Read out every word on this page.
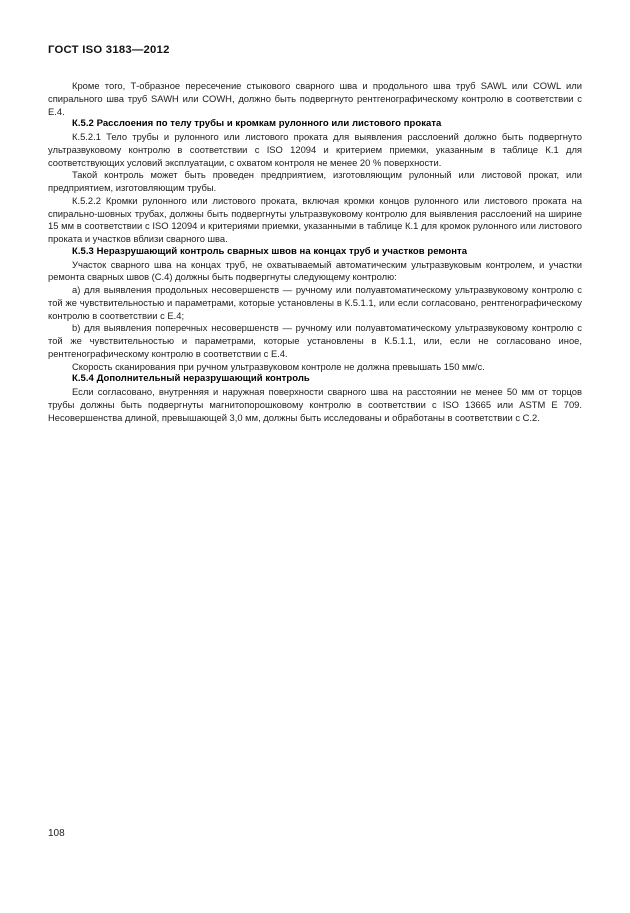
ГОСТ ISO 3183—2012

Кроме того, Т-образное пересечение стыкового сварного шва и продольного шва труб SAWL или COWL или спирального шва труб SAWH или COWH, должно быть подвергнуто рентгенографическому контролю в соответствии с Е.4.

К.5.2 Расслоения по телу трубы и кромкам рулонного или листового проката

К.5.2.1 Тело трубы и рулонного или листового проката для выявления расслоений должно быть подвергнуто ультразвуковому контролю в соответствии с ISO 12094 и критерием приемки, указанным в таблице К.1 для соответствующих условий эксплуатации, с охватом контроля не менее 20 % поверхности.

Такой контроль может быть проведен предприятием, изготовляющим рулонный или листовой прокат, или предприятием, изготовляющим трубы.

К.5.2.2 Кромки рулонного или листового проката, включая кромки концов рулонного или листового проката на спирально-шовных трубах, должны быть подвергнуты ультразвуковому контролю для выявления расслоений на ширине 15 мм в соответствии с ISO 12094 и критериями приемки, указанными в таблице К.1 для кромок рулонного или листового проката и участков вблизи сварного шва.

К.5.3 Неразрушающий контроль сварных швов на концах труб и участков ремонта

Участок сварного шва на концах труб, не охватываемый автоматическим ультразвуковым контролем, и участки ремонта сварных швов (С.4) должны быть подвергнуты следующему контролю:

a) для выявления продольных несовершенств — ручному или полуавтоматическому ультразвуковому контролю с той же чувствительностью и параметрами, которые установлены в К.5.1.1, или если согласовано, рентгенографическому контролю в соответствии с Е.4;

b) для выявления поперечных несовершенств — ручному или полуавтоматическому ультразвуковому контролю с той же чувствительностью и параметрами, которые установлены в К.5.1.1, или, если не согласовано иное, рентгенографическому контролю в соответствии с Е.4.

Скорость сканирования при ручном ультразвуковом контроле не должна превышать 150 мм/с.

К.5.4 Дополнительный неразрушающий контроль

Если согласовано, внутренняя и наружная поверхности сварного шва на расстоянии не менее 50 мм от торцов трубы должны быть подвергнуты магнитопорошковому контролю в соответствии с ISO 13665 или ASTM E 709. Несовершенства длиной, превышающей 3,0 мм, должны быть исследованы и обработаны в соответствии с С.2.

108
